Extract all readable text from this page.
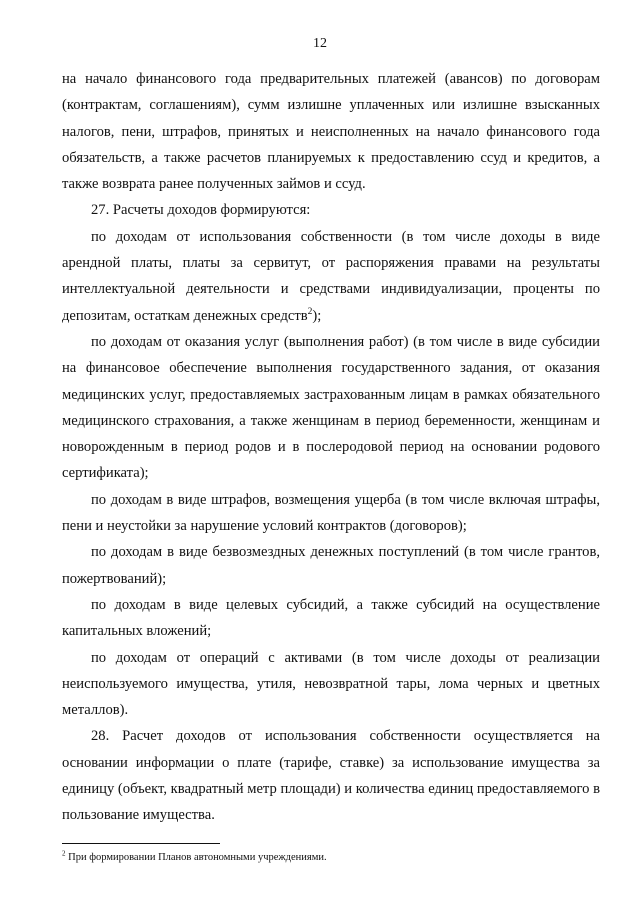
12

на начало финансового года предварительных платежей (авансов) по договорам (контрактам, соглашениям), сумм излишне уплаченных или излишне взысканных налогов, пени, штрафов, принятых и неисполненных на начало финансового года обязательств, а также расчетов планируемых к предоставлению ссуд и кредитов, а также возврата ранее полученных займов и ссуд.

27. Расчеты доходов формируются:

по доходам от использования собственности (в том числе доходы в виде арендной платы, платы за сервитут, от распоряжения правами на результаты интеллектуальной деятельности и средствами индивидуализации, проценты по депозитам, остаткам денежных средств$^2$);

по доходам от оказания услуг (выполнения работ) (в том числе в виде субсидии на финансовое обеспечение выполнения государственного задания, от оказания медицинских услуг, предоставляемых застрахованным лицам в рамках обязательного медицинского страхования, а также женщинам в период беременности, женщинам и новорожденным в период родов и в послеродовой период на основании родового сертификата);

по доходам в виде штрафов, возмещения ущерба (в том числе включая штрафы, пени и неустойки за нарушение условий контрактов (договоров);

по доходам в виде безвозмездных денежных поступлений (в том числе грантов, пожертвований);

по доходам в виде целевых субсидий, а также субсидий на осуществление капитальных вложений;

по доходам от операций с активами (в том числе доходы от реализации неиспользуемого имущества, утиля, невозвратной тары, лома черных и цветных металлов).

28. Расчет доходов от использования собственности осуществляется на основании информации о плате (тарифе, ставке) за использование имущества за единицу (объект, квадратный метр площади) и количества единиц предоставляемого в пользование имущества.

$^2$ При формировании Планов автономными учреждениями.
